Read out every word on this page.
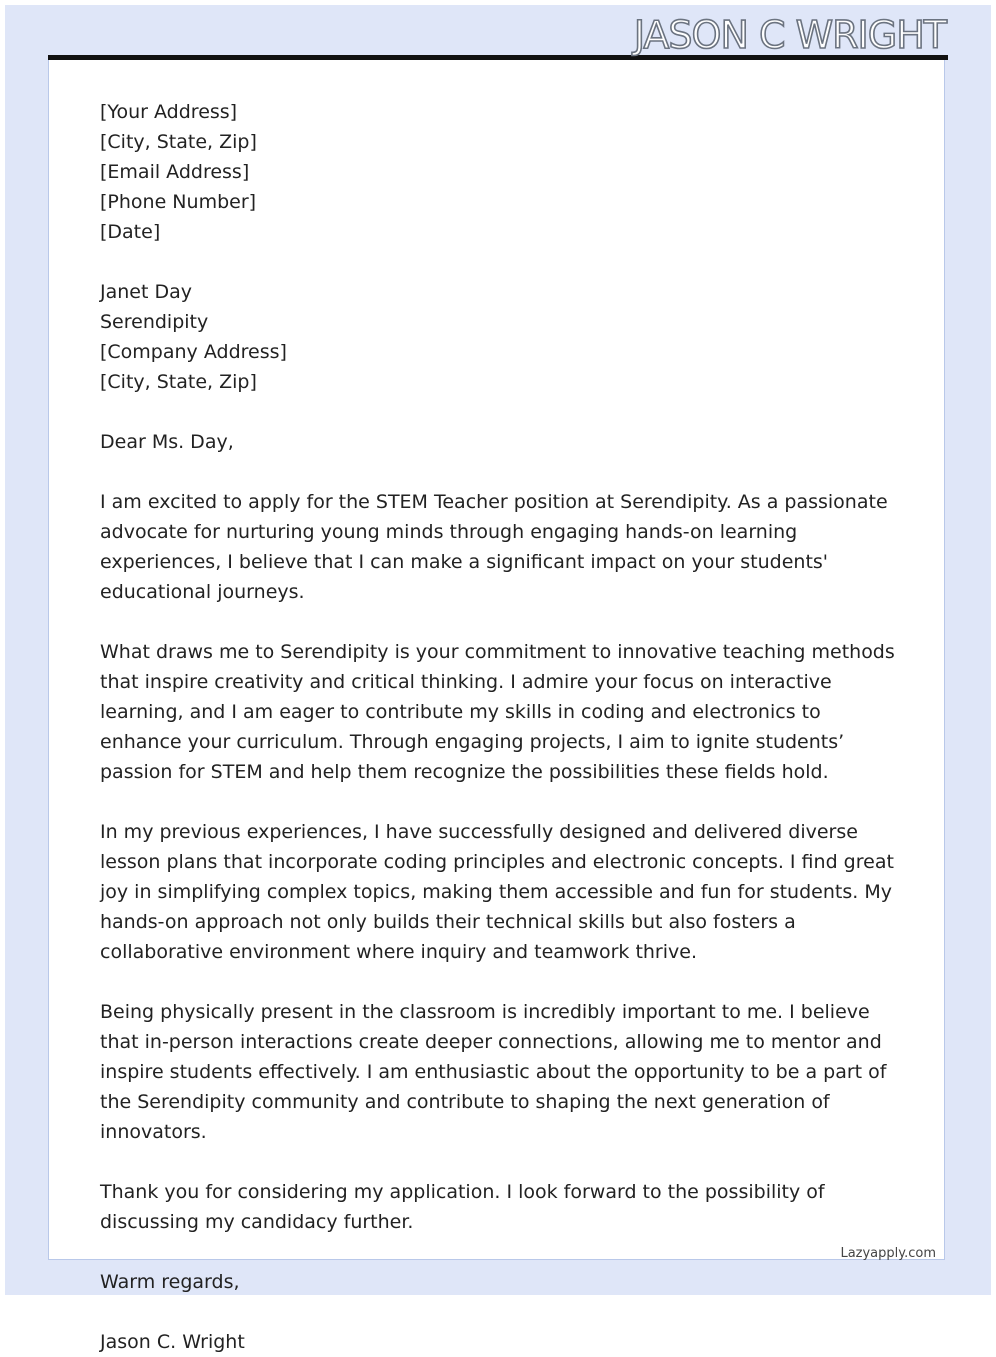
JASON C WRIGHT

[Your Address]

[City, State, Zip]

[Email Address]

[Phone Number]

[Date]

Janet Day

Serendipity

[Company Address]

[City, State, Zip]

Dear Ms. Day,

I am excited to apply for the STEM Teacher position at Serendipity. As a passionate advocate for nurturing young minds through engaging hands-on learning experiences, I believe that I can make a significant impact on your students' educational journeys.

What draws me to Serendipity is your commitment to innovative teaching methods that inspire creativity and critical thinking. I admire your focus on interactive learning, and I am eager to contribute my skills in coding and electronics to enhance your curriculum. Through engaging projects, I aim to ignite students’ passion for STEM and help them recognize the possibilities these fields hold.

In my previous experiences, I have successfully designed and delivered diverse lesson plans that incorporate coding principles and electronic concepts. I find great joy in simplifying complex topics, making them accessible and fun for students. My hands-on approach not only builds their technical skills but also fosters a collaborative environment where inquiry and teamwork thrive.

Being physically present in the classroom is incredibly important to me. I believe that in-person interactions create deeper connections, allowing me to mentor and inspire students effectively. I am enthusiastic about the opportunity to be a part of the Serendipity community and contribute to shaping the next generation of innovators.

Thank you for considering my application. I look forward to the possibility of discussing my candidacy further.

Warm regards,

Jason C. Wright

Lazyapply.com
